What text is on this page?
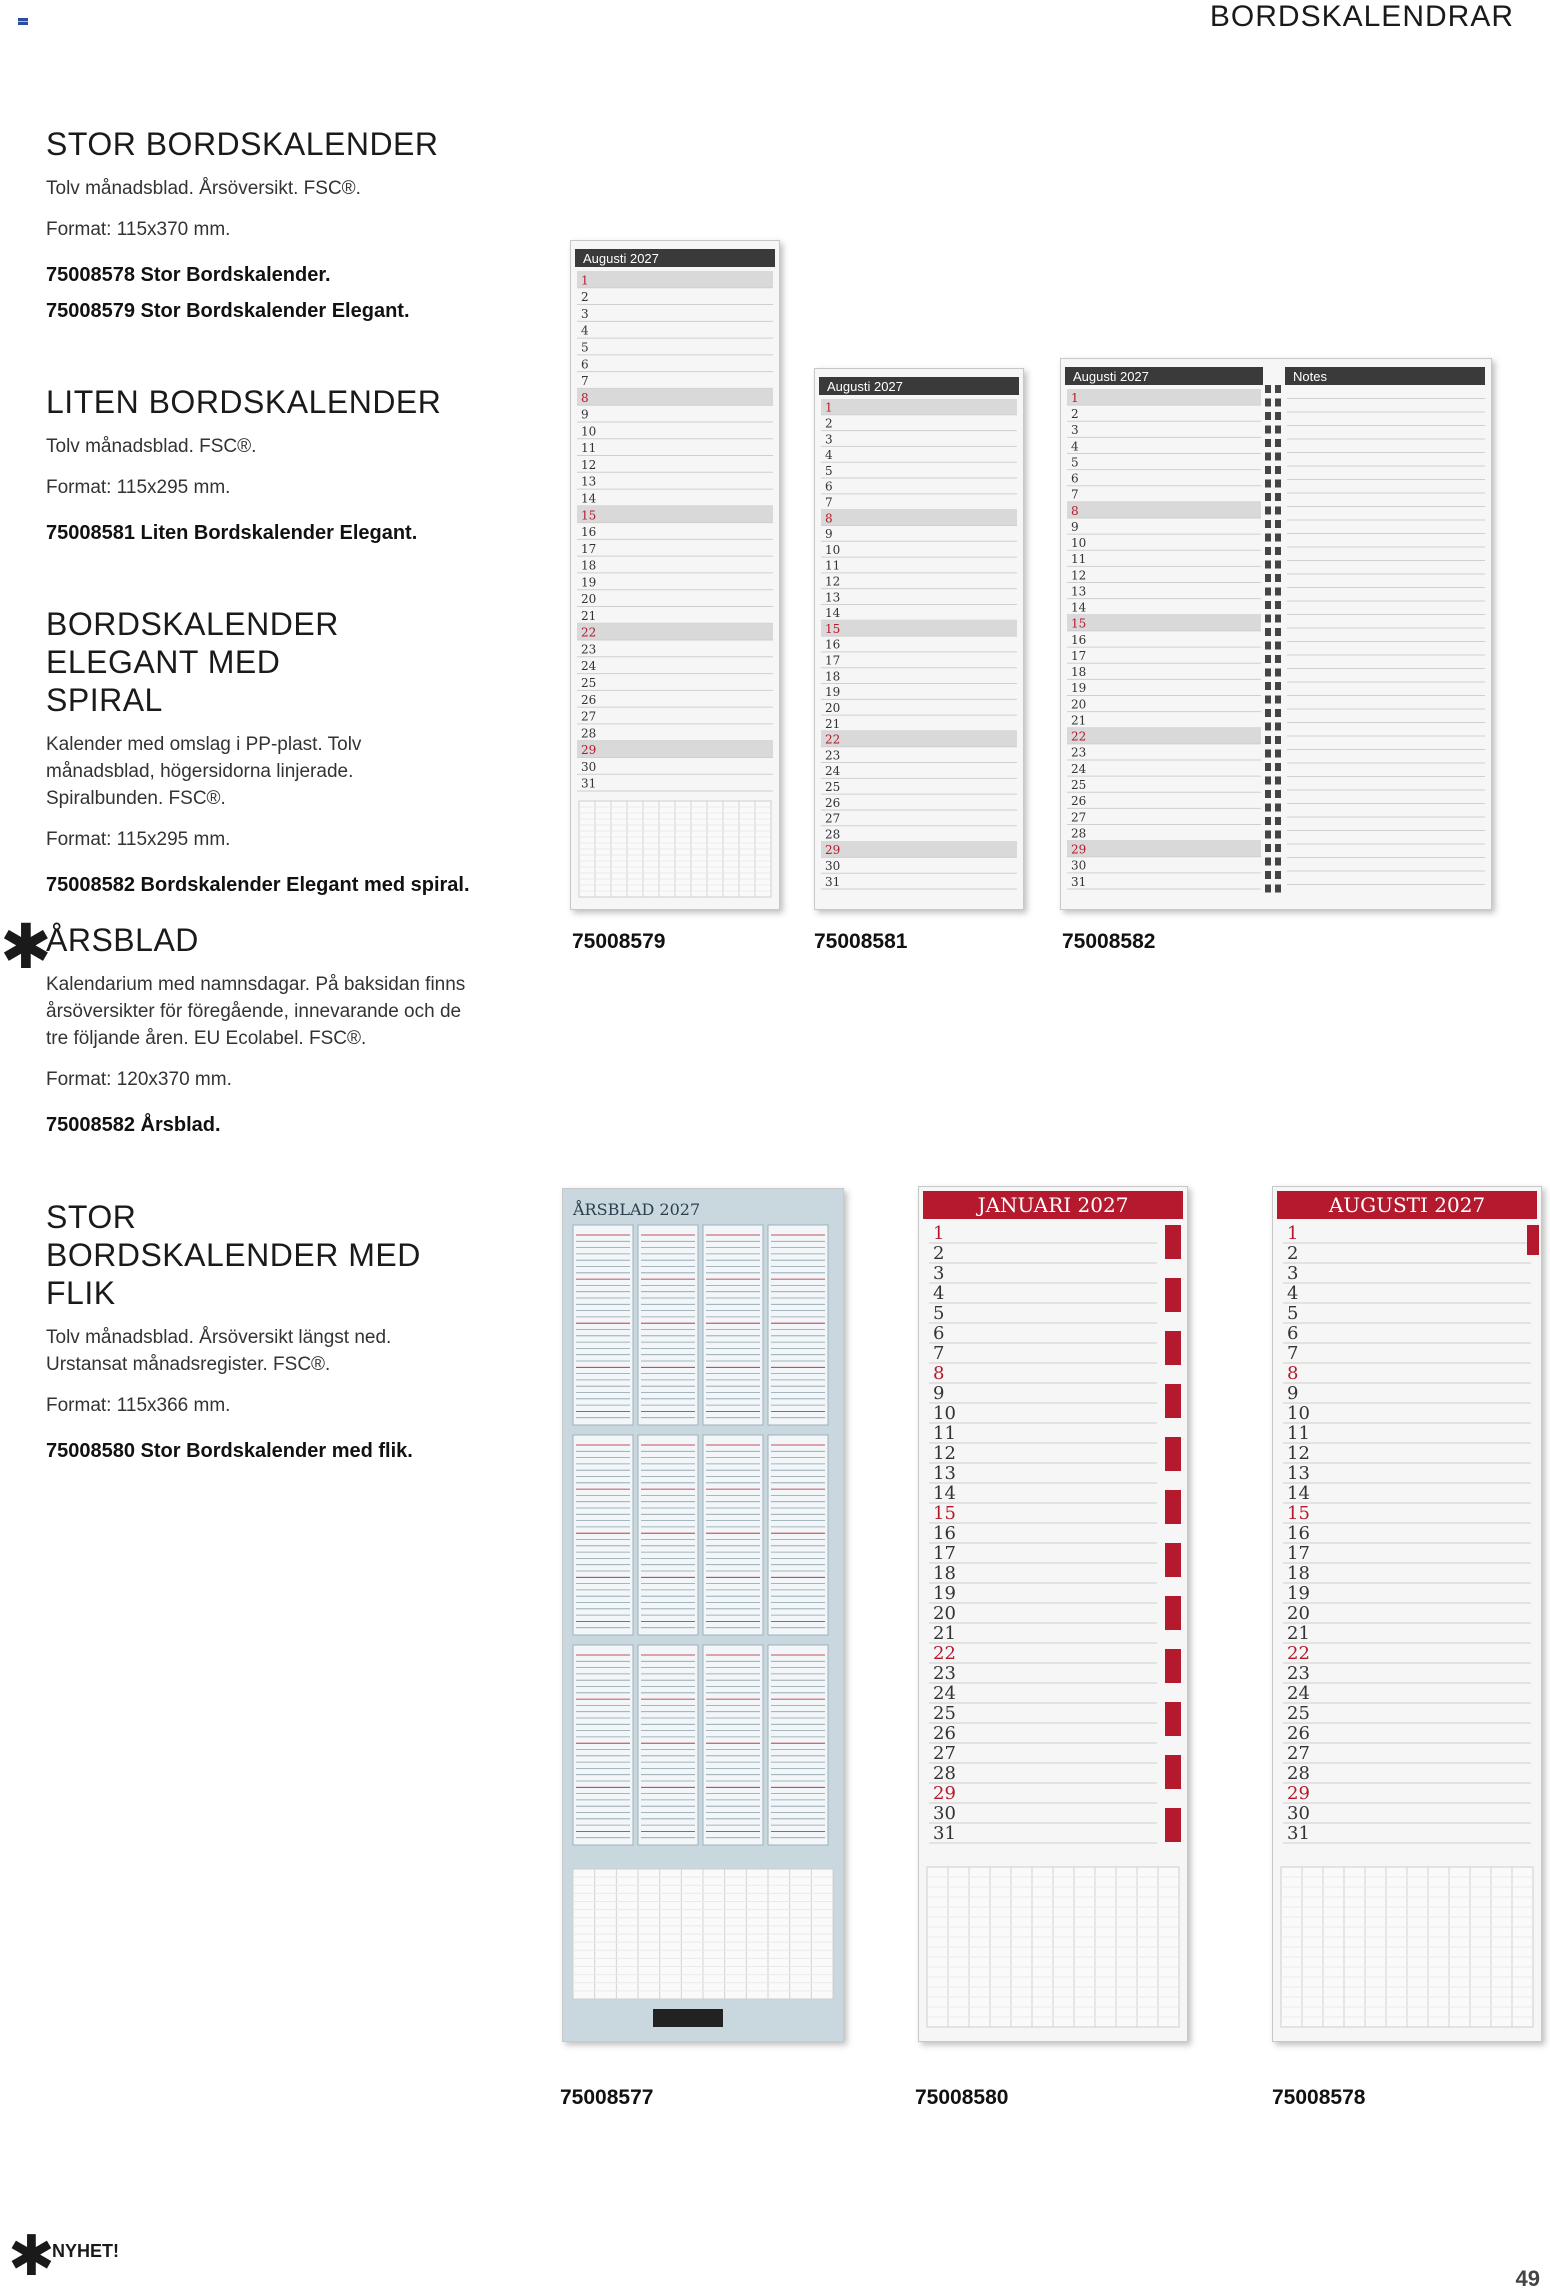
BORDSKALENDRAR
STOR BORDSKALENDER

Tolv månadsblad. Årsöversikt. FSC®.

Format: 115x370 mm.

75008578 Stor Bordskalender.
75008579 Stor Bordskalender Elegant.
LITEN BORDSKALENDER

Tolv månadsblad. FSC®.

Format: 115x295 mm.

75008581 Liten Bordskalender Elegant.
BORDSKALENDER ELEGANT MED SPIRAL

Kalender med omslag i PP-plast. Tolv månadsblad, högersidorna linjerade. Spiralbunden. FSC®.

Format: 115x295 mm.

75008582 Bordskalender Elegant med spiral.
✱
ÅRSBLAD

Kalendarium med namnsdagar. På baksidan finns årsöversikter för föregående, innevarande och de tre följande åren. EU Ecolabel. FSC®.

Format: 120x370 mm.

75008582 Årsblad.
STOR BORDSKALENDER MED FLIK

Tolv månadsblad. Årsöversikt längst ned. Urstansat månadsregister. FSC®.

Format: 115x366 mm.

75008580 Stor Bordskalender med flik.
Augusti 2027
1
2
3
4
5
6
7
8
9
10
11
12
13
14
15
16
17
18
19
20
21
22
23
24
25
26
27
28
29
30
31
Augusti 2027
1
2
3
4
5
6
7
8
9
10
11
12
13
14
15
16
17
18
19
20
21
22
23
24
25
26
27
28
29
30
31
Augusti 2027
1
2
3
4
5
6
7
8
9
10
11
12
13
14
15
16
17
18
19
20
21
22
23
24
25
26
27
28
29
30
31
Notes
75008579	75008581	75008582
ÅRSBLAD 2027	JANUARI 2027
1
2
3
4
5
6
7
8
9
10
11
12
13
14
15
16
17
18
19
20
21
22
23
24
25
26
27
28
29
30
31
AUGUSTI 2027
1
2
3
4
5
6
7
8
9
10
11
12
13
14
15
16
17
18
19
20
21
22
23
24
25
26
27
28
29
30
31
75008577	75008580	75008578
✱
NYHET!
49
